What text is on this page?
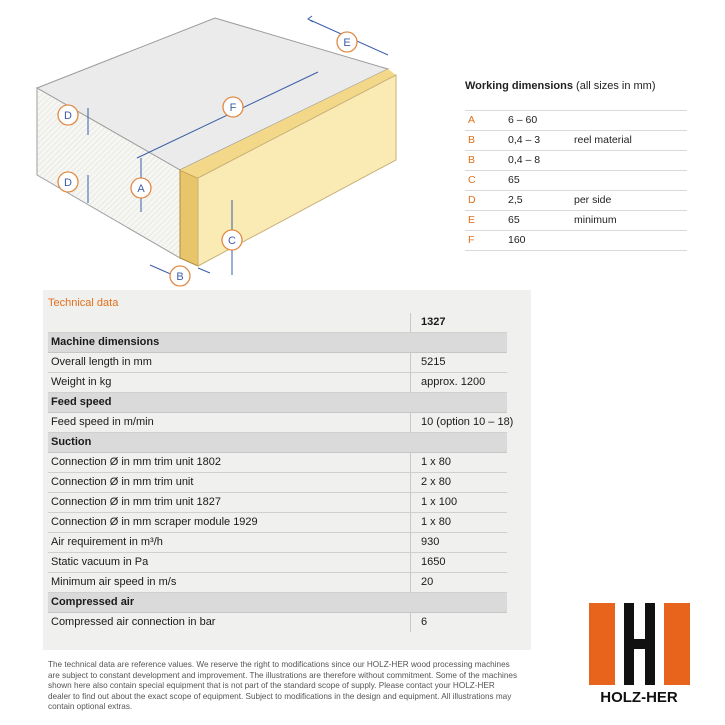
E
F
D
D	A
C
B
Working dimensions (all sizes in mm)
A	6 – 60
B	0,4 – 3	reel material
B	0,4 – 8
C	65
D	2,5	per side
E	65	minimum
F	160
Technical data
1327
Machine dimensions
Overall length in mm	5215
Weight in kg	approx. 1200
Feed speed
Feed speed in m/min	10 (option 10 – 18)
Suction
Connection Ø in mm trim unit 1802	1 x 80
Connection Ø in mm trim unit	2 x 80
Connection Ø in mm trim unit 1827	1 x 100
Connection Ø in mm scraper module 1929	1 x 80
Air requirement in m³/h	930
Static vacuum in Pa	1650
Minimum air speed in m/s	20
Compressed air
Compressed air connection in bar	6
The technical data are reference values. We reserve the right to modifications since our HOLZ-HER wood processing machines are subject to constant development and improvement. The illustrations are therefore without commitment. Some of the machines shown here also contain special equipment that is not part of the standard scope of supply. Please contact your HOLZ-HER dealer to find out about the exact scope of equipment. Subject to modifications in the design and equipment. All illustrations may contain optional extras.
HOLZ-HER
